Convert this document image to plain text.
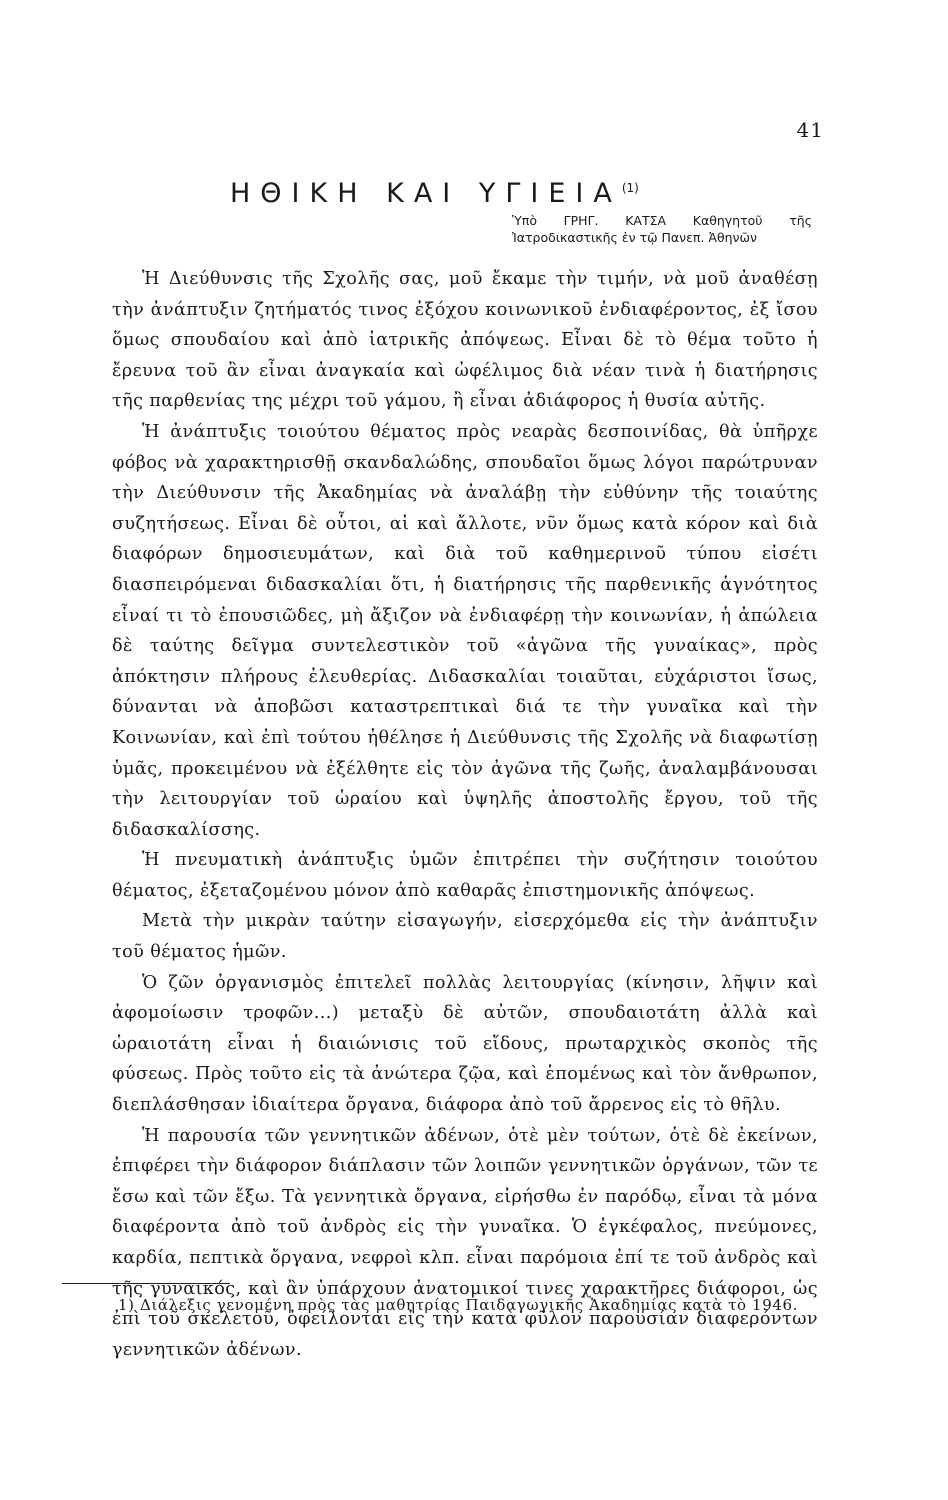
41
ΗΘΙΚΗ ΚΑΙ ΥΓΙΕΙΑ$^{(1)}$
Ὑπὸ ΓΡΗΓ. ΚΑΤΣΑ Καθηγητοῦ τῆς Ἰατροδικαστικῆς ἐν τῷ Πανεπ. Ἀθηνῶν

Ἡ Διεύθυνσις τῆς Σχολῆς σας, μοῦ ἔκαμε τὴν τιμήν, νὰ μοῦ ἀναθέσῃ τὴν ἀνάπτυξιν ζητήματός τινος ἐξόχου κοινωνικοῦ ἐνδιαφέροντος, ἐξ ἴσου ὅμως σπουδαίου καὶ ἀπὸ ἰατρικῆς ἀπόψεως. Εἶναι δὲ τὸ θέμα τοῦτο ἡ ἔρευνα τοῦ ἂν εἶναι ἀναγκαία καὶ ὠφέλιμος διὰ νέαν τινὰ ἡ διατήρησις τῆς παρθενίας της μέχρι τοῦ γάμου, ἢ εἶναι ἀδιάφορος ἡ θυσία αὐτῆς.

Ἡ ἀνάπτυξις τοιούτου θέματος πρὸς νεαρὰς δεσποινίδας, θὰ ὑπῆρχε φόβος νὰ χαρακτηρισθῇ σκανδαλώδης, σπουδαῖοι ὅμως λόγοι παρώτρυναν τὴν Διεύθυνσιν τῆς Ἀκαδημίας νὰ ἀναλάβῃ τὴν εὐθύνην τῆς τοιαύτης συζητήσεως. Εἶναι δὲ οὗτοι, αἱ καὶ ἄλλοτε, νῦν ὅμως κατὰ κόρον καὶ διὰ διαφόρων δημοσιευμάτων, καὶ διὰ τοῦ καθημερινοῦ τύπου εἰσέτι διασπειρόμεναι διδασκαλίαι ὅτι, ἡ διατήρησις τῆς παρθενικῆς ἁγνότητος εἶναί τι τὸ ἐπουσιῶδες, μὴ ἄξιζον νὰ ἐνδιαφέρῃ τὴν κοινωνίαν, ἡ ἀπώλεια δὲ ταύτης δεῖγμα συντελεστικὸν τοῦ «ἀγῶνα τῆς γυναίκας», πρὸς ἀπόκτησιν πλήρους ἐλευθερίας. Διδασκαλίαι τοιαῦται, εὐχάριστοι ἴσως, δύνανται νὰ ἀποβῶσι καταστρεπτικαὶ διά τε τὴν γυναῖκα καὶ τὴν Κοινωνίαν, καὶ ἐπὶ τούτου ἠθέλησε ἡ Διεύθυνσις τῆς Σχολῆς νὰ διαφωτίσῃ ὑμᾶς, προκειμένου νὰ ἐξέλθητε εἰς τὸν ἀγῶνα τῆς ζωῆς, ἀναλαμβάνουσαι τὴν λειτουργίαν τοῦ ὡραίου καὶ ὑψηλῆς ἀποστολῆς ἔργου, τοῦ τῆς διδασκαλίσσης.

Ἡ πνευματικὴ ἀνάπτυξις ὑμῶν ἐπιτρέπει τὴν συζήτησιν τοιούτου θέματος, ἐξεταζομένου μόνον ἀπὸ καθαρᾶς ἐπιστημονικῆς ἀπόψεως.

Μετὰ τὴν μικρὰν ταύτην εἰσαγωγήν, εἰσερχόμεθα εἰς τὴν ἀνάπτυξιν τοῦ θέματος ἡμῶν.

Ὁ ζῶν ὀργανισμὸς ἐπιτελεῖ πολλὰς λειτουργίας (κίνησιν, λῆψιν καὶ ἀφομοίωσιν τροφῶν...) μεταξὺ δὲ αὐτῶν, σπουδαιοτάτη ἀλλὰ καὶ ὡραιοτάτη εἶναι ἡ διαιώνισις τοῦ εἴδους, πρωταρχικὸς σκοπὸς τῆς φύσεως. Πρὸς τοῦτο εἰς τὰ ἀνώτερα ζῷα, καὶ ἑπομένως καὶ τὸν ἄνθρωπον, διεπλάσθησαν ἰδιαίτερα ὄργανα, διάφορα ἀπὸ τοῦ ἄρρενος εἰς τὸ θῆλυ.

Ἡ παρουσία τῶν γεννητικῶν ἀδένων, ὁτὲ μὲν τούτων, ὁτὲ δὲ ἐκείνων, ἐπιφέρει τὴν διάφορον διάπλασιν τῶν λοιπῶν γεννητικῶν ὀργάνων, τῶν τε ἔσω καὶ τῶν ἔξω. Τὰ γεννητικὰ ὄργανα, εἰρήσθω ἐν παρόδῳ, εἶναι τὰ μόνα διαφέροντα ἀπὸ τοῦ ἀνδρὸς εἰς τὴν γυναῖκα. Ὁ ἐγκέφαλος, πνεύμονες, καρδία, πεπτικὰ ὄργανα, νεφροὶ κλπ. εἶναι παρόμοια ἐπί τε τοῦ ἀνδρὸς καὶ τῆς γυναικός, καὶ ἂν ὑπάρχουν ἀνατομικοί τινες χαρακτῆρες διάφοροι, ὡς ἐπὶ τοῦ σκελετοῦ, ὀφείλονται εἰς τὴν κατὰ φῦλον παρουσίαν διαφερόντων γεννητικῶν ἀδένων.

1) Διάλεξις γενομένη πρὸς τὰς μαθητρίας Παιδαγωγικῆς Ἀκαδημίας κατὰ τὸ 1946.
